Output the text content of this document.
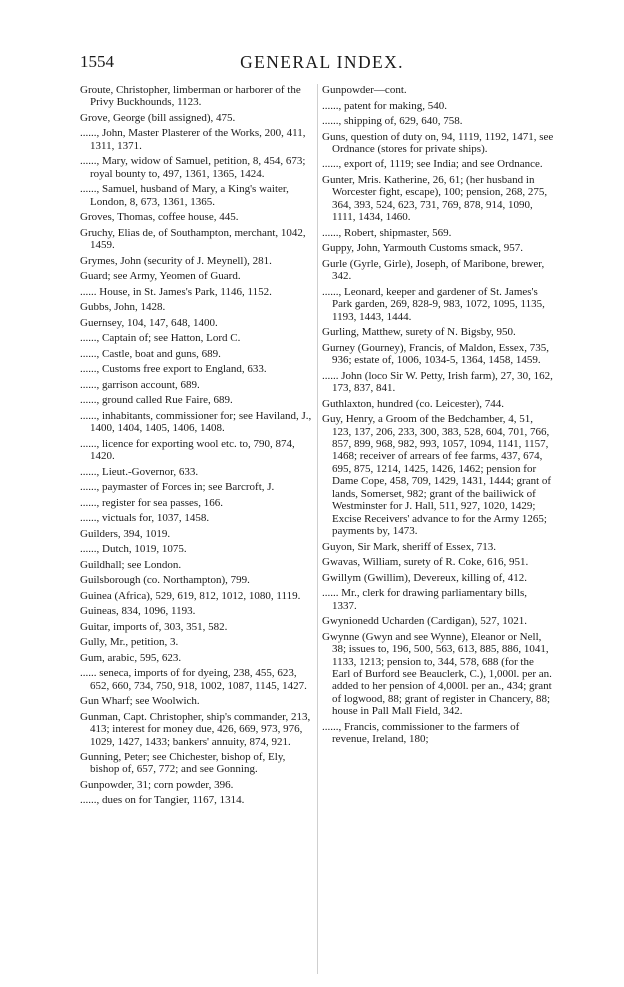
1554	GENERAL INDEX.
Groute, Christopher, limberman or harborer of the Privy Buckhounds, 1123.
Grove, George (bill assigned), 475.
......, John, Master Plasterer of the Works, 200, 411, 1311, 1371.
......, Mary, widow of Samuel, petition, 8, 454, 673; royal bounty to, 497, 1361, 1365, 1424.
......, Samuel, husband of Mary, a King's waiter, London, 8, 673, 1361, 1365.
Groves, Thomas, coffee house, 445.
Gruchy, Elias de, of Southampton, merchant, 1042, 1459.
Grymes, John (security of J. Meynell), 281.
Guard; see Army, Yeomen of Guard.
...... House, in St. James's Park, 1146, 1152.
Gubbs, John, 1428.
Guernsey, 104, 147, 648, 1400.
......, Captain of; see Hatton, Lord C.
......, Castle, boat and guns, 689.
......, Customs free export to England, 633.
......, garrison account, 689.
......, ground called Rue Faire, 689.
......, inhabitants, commissioner for; see Haviland, J., 1400, 1404, 1405, 1406, 1408.
......, licence for exporting wool etc. to, 790, 874, 1420.
......, Lieut.-Governor, 633.
......, paymaster of Forces in; see Barcroft, J.
......, register for sea passes, 166.
......, victuals for, 1037, 1458.
Guilders, 394, 1019.
......, Dutch, 1019, 1075.
Guildhall; see London.
Guilsborough (co. Northampton), 799.
Guinea (Africa), 529, 619, 812, 1012, 1080, 1119.
Guineas, 834, 1096, 1193.
Guitar, imports of, 303, 351, 582.
Gully, Mr., petition, 3.
Gum, arabic, 595, 623.
...... seneca, imports of for dyeing, 238, 455, 623, 652, 660, 734, 750, 918, 1002, 1087, 1145, 1427.
Gun Wharf; see Woolwich.
Gunman, Capt. Christopher, ship's commander, 213, 413; interest for money due, 426, 669, 973, 976, 1029, 1427, 1433; bankers' annuity, 874, 921.
Gunning, Peter; see Chichester, bishop of, Ely, bishop of, 657, 772; and see Gonning.
Gunpowder, 31; corn powder, 396.
......, dues on for Tangier, 1167, 1314.
Gunpowder—cont.
......, patent for making, 540.
......, shipping of, 629, 640, 758.
Guns, question of duty on, 94, 1119, 1192, 1471, see Ordnance (stores for private ships).
......, export of, 1119; see India; and see Ordnance.
Gunter, Mris. Katherine, 26, 61; (her husband in Worcester fight, escape), 100; pension, 268, 275, 364, 393, 524, 623, 731, 769, 878, 914, 1090, 1111, 1434, 1460.
......, Robert, shipmaster, 569.
Guppy, John, Yarmouth Customs smack, 957.
Gurle (Gyrle, Girle), Joseph, of Maribone, brewer, 342.
......, Leonard, keeper and gardener of St. James's Park garden, 269, 828-9, 983, 1072, 1095, 1135, 1193, 1443, 1444.
Gurling, Matthew, surety of N. Bigsby, 950.
Gurney (Gourney), Francis, of Maldon, Essex, 735, 936; estate of, 1006, 1034-5, 1364, 1458, 1459.
...... John (loco Sir W. Petty, Irish farm), 27, 30, 162, 173, 837, 841.
Guthlaxton, hundred (co. Leicester), 744.
Guy, Henry, a Groom of the Bedchamber, 4, 51, 123, 137, 206, 233, 300, 383, 528, 604, 701, 766, 857, 899, 968, 982, 993, 1057, 1094, 1141, 1157, 1468; receiver of arrears of fee farms, 437, 674, 695, 875, 1214, 1425, 1426, 1462; pension for Dame Cope, 458, 709, 1429, 1431, 1444; grant of lands, Somerset, 982; grant of the bailiwick of Westminster for J. Hall, 511, 927, 1020, 1429; Excise Receivers' advance to for the Army 1265; payments by, 1473.
Guyon, Sir Mark, sheriff of Essex, 713.
Gwavas, William, surety of R. Coke, 616, 951.
Gwillym (Gwillim), Devereux, killing of, 412.
...... Mr., clerk for drawing parliamentary bills, 1337.
Gwynionedd Ucharden (Cardigan), 527, 1021.
Gwynne (Gwyn and see Wynne), Eleanor or Nell, 38; issues to, 196, 500, 563, 613, 885, 886, 1041, 1133, 1213; pension to, 344, 578, 688 (for the Earl of Burford see Beauclerk, C.), 1,000l. per an. added to her pension of 4,000l. per an., 434; grant of logwood, 88; grant of register in Chancery, 88; house in Pall Mall Field, 342.
......, Francis, commissioner to the farmers of revenue, Ireland, 180;
